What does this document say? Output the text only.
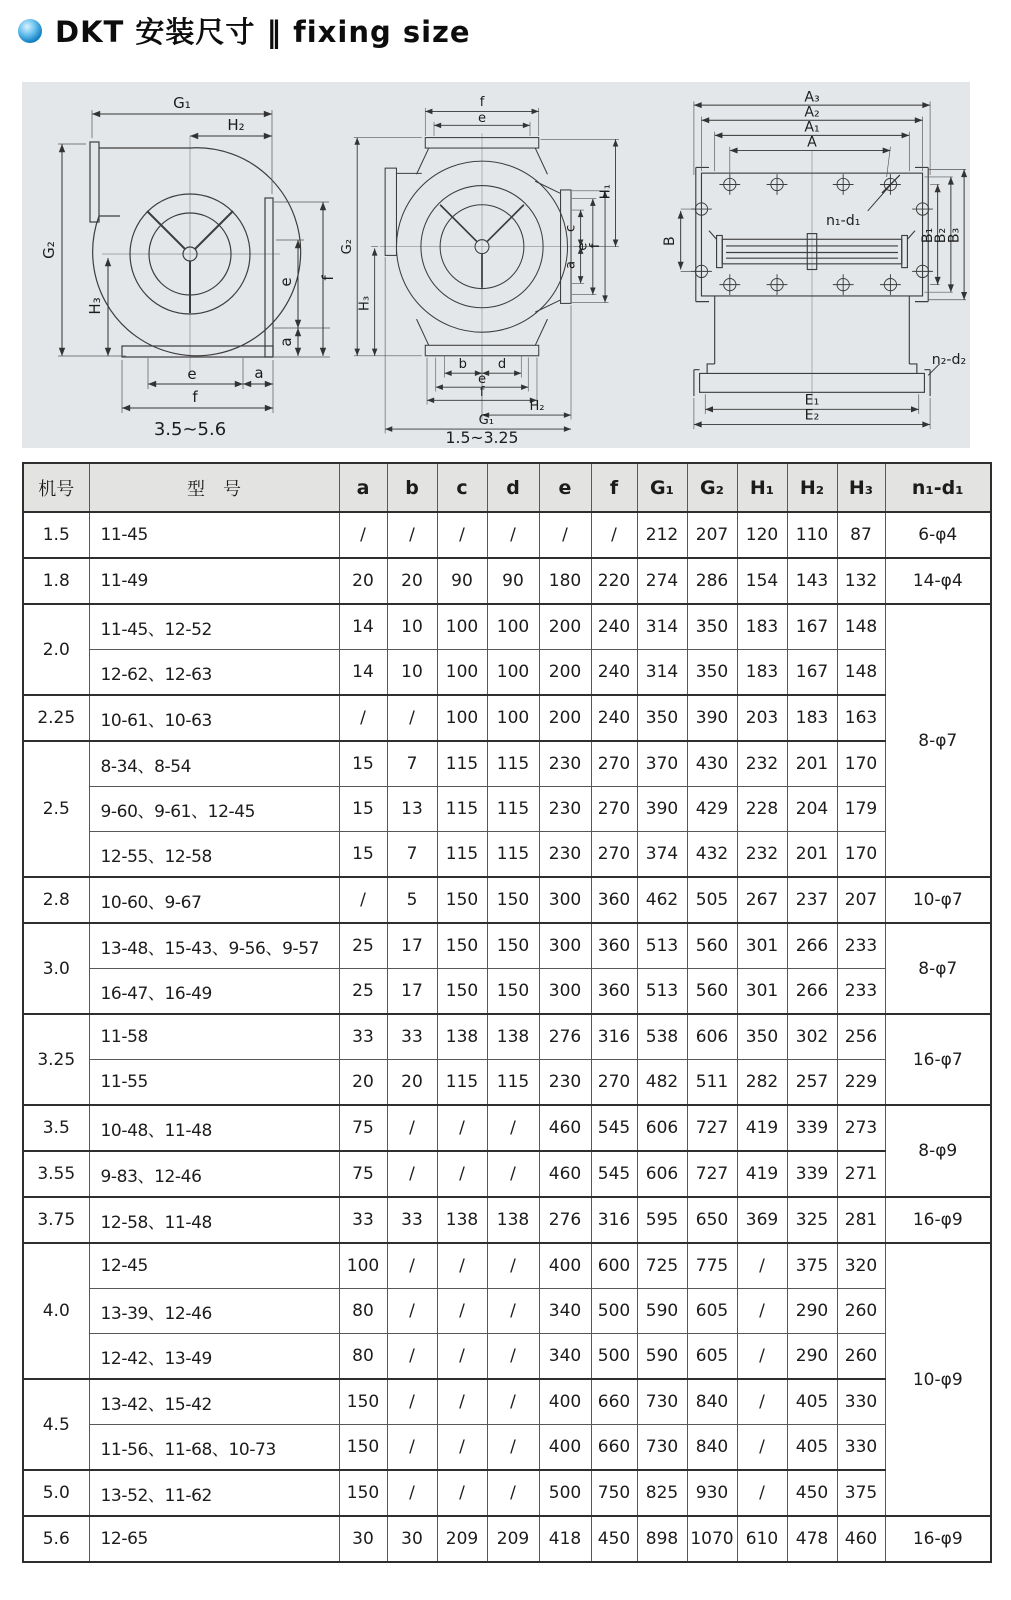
DKT 安装尺寸 ‖ fixing size
G₁
H₂
G₂
H₃
e
a
f
e	a
f
3.5~5.6
f
e
G₂
H₃
H₁
c
a
e
f
b d
e
f
H₂
G₁
1.5~3.25
A₃
A₂
A₁
A
n₁-d₁
B	B₁
B₂
B₃
n₂-d₂
E₁
E₂
机号	型　号	a	b	c	d	e	f	G₁	G₂	H₁	H₂	H₃	n₁-d₁
1.5	11-45	/	/	/	/	/	/	212	207	120	110	87	6-φ4
1.8	11-49	20	20	90	90	180	220	274	286	154	143	132	14-φ4
2.0	11-45、12-52	14	10	100	100	200	240	314	350	183	167	148	8-φ7
	12-62、12-63	14	10	100	100	200	240	314	350	183	167	148	
2.25	10-61、10-63	/	/	100	100	200	240	350	390	203	183	163	
2.5	8-34、8-54	15	7	115	115	230	270	370	430	232	201	170	
	9-60、9-61、12-45	15	13	115	115	230	270	390	429	228	204	179	
	12-55、12-58	15	7	115	115	230	270	374	432	232	201	170	
2.8	10-60、9-67	/	5	150	150	300	360	462	505	267	237	207	10-φ7
3.0	13-48、15-43、9-56、9-57	25	17	150	150	300	360	513	560	301	266	233	8-φ7
	16-47、16-49	25	17	150	150	300	360	513	560	301	266	233	
3.25	11-58	33	33	138	138	276	316	538	606	350	302	256	16-φ7
	11-55	20	20	115	115	230	270	482	511	282	257	229	
3.5	10-48、11-48	75	/	/	/	460	545	606	727	419	339	273	8-φ9
3.55	9-83、12-46	75	/	/	/	460	545	606	727	419	339	271	
3.75	12-58、11-48	33	33	138	138	276	316	595	650	369	325	281	16-φ9
4.0	12-45	100	/	/	/	400	600	725	775	/	375	320	10-φ9
	13-39、12-46	80	/	/	/	340	500	590	605	/	290	260	
	12-42、13-49	80	/	/	/	340	500	590	605	/	290	260	
4.5	13-42、15-42	150	/	/	/	400	660	730	840	/	405	330	
	11-56、11-68、10-73	150	/	/	/	400	660	730	840	/	405	330	
5.0	13-52、11-62	150	/	/	/	500	750	825	930	/	450	375	
5.6	12-65	30	30	209	209	418	450	898	1070	610	478	460	16-φ9
